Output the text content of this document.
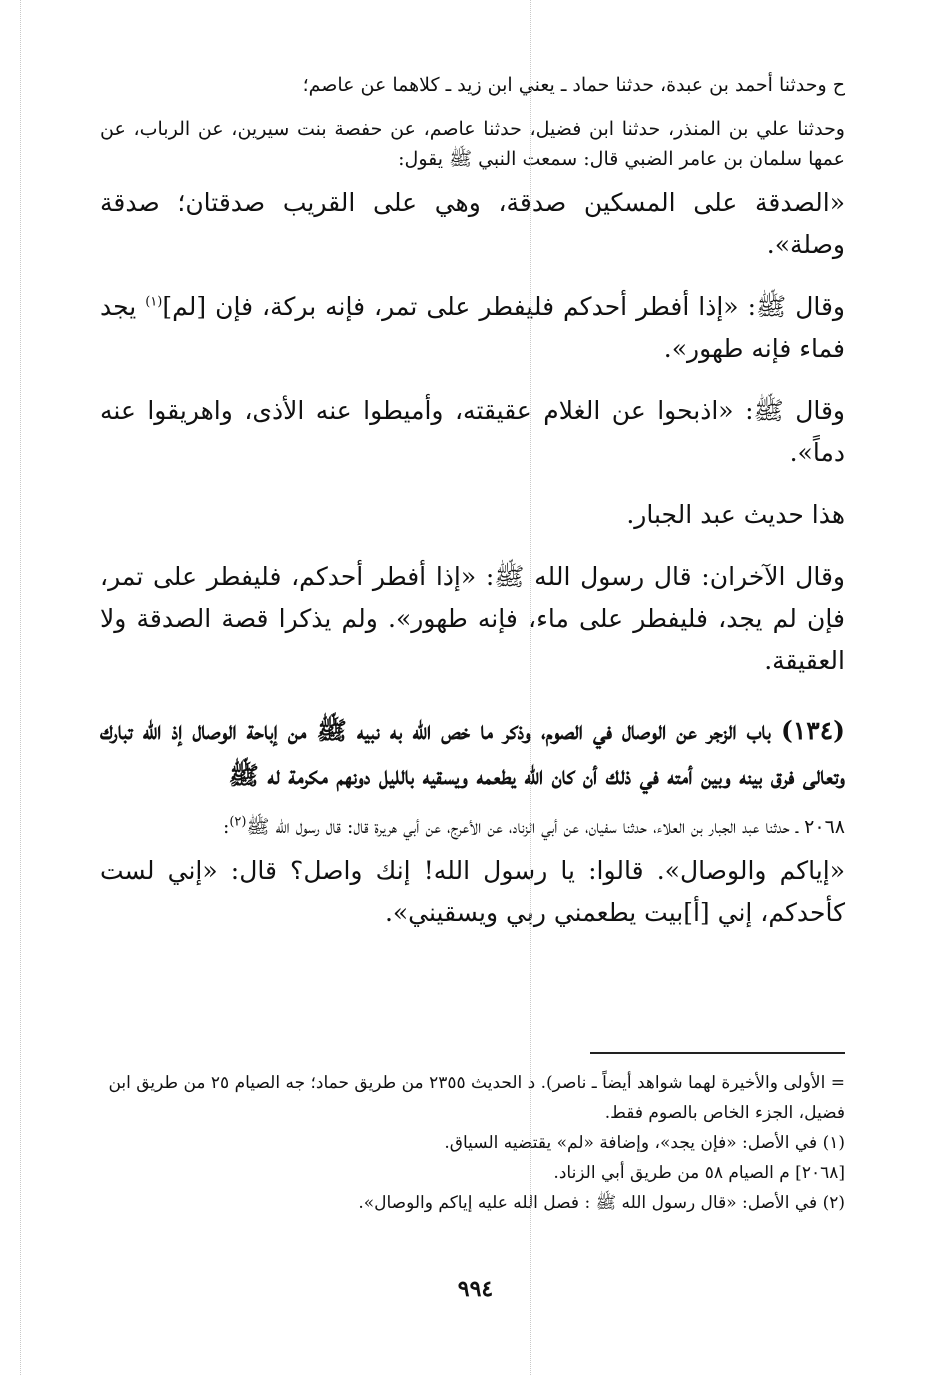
ح وحدثنا أحمد بن عبدة، حدثنا حماد ـ يعني ابن زيد ـ كلاهما عن عاصم؛

وحدثنا علي بن المنذر، حدثنا ابن فضيل، حدثنا عاصم، عن حفصة بنت سيرين، عن الرباب، عن عمها سلمان بن عامر الضبي قال: سمعت النبي ﷺ يقول:

«الصدقة على المسكين صدقة، وهي على القريب صدقتان؛ صدقة وصلة».

وقال ﷺ: «إذا أفطر أحدكم فليفطر على تمر، فإنه بركة، فإن [لم]$^{(١)}$ يجد فماء فإنه طهور».

وقال ﷺ: «اذبحوا عن الغلام عقيقته، وأميطوا عنه الأذى، واهريقوا عنه دماً».

هذا حديث عبد الجبار.

وقال الآخران: قال رسول الله ﷺ: «إذا أفطر أحدكم، فليفطر على تمر، فإن لم يجد، فليفطر على ماء، فإنه طهور». ولم يذكرا قصة الصدقة ولا العقيقة.

(١٣٤) باب الزجر عن الوصال في الصوم، وذكر ما خص الله به نبيه ﷺ من إباحة الوصال إذ الله تبارك وتعالى فرق بينه وبين أمته في ذلك أن كان الله يطعمه ويسقيه بالليل دونهم مكرمة له ﷺ

٢٠٦٨ ـ حدثنا عبد الجبار بن العلاء، حدثنا سفيان، عن أبي الزناد، عن الأعرج، عن أبي هريرة قال: قال رسول الله ﷺ$^{(٢)}$:

«إياكم والوصال». قالوا: يا رسول الله! إنك واصل؟ قال: «إني لست كأحدكم، إني [أ]بيت يطعمني ربي ويسقيني».

= الأولى والأخيرة لهما شواهد أيضاً ـ ناصر). د الحديث ٢٣٥٥ من طريق حماد؛ جه الصيام ٢٥ من طريق ابن فضيل، الجزء الخاص بالصوم فقط.

(١) في الأصل: «فإن يجد»، وإضافة «لم» يقتضيه السياق.

[٢٠٦٨] م الصيام ٥٨ من طريق أبي الزناد.

(٢) في الأصل: «قال رسول الله ﷺ : فصل الله عليه إياكم والوصال».

٩٩٤
